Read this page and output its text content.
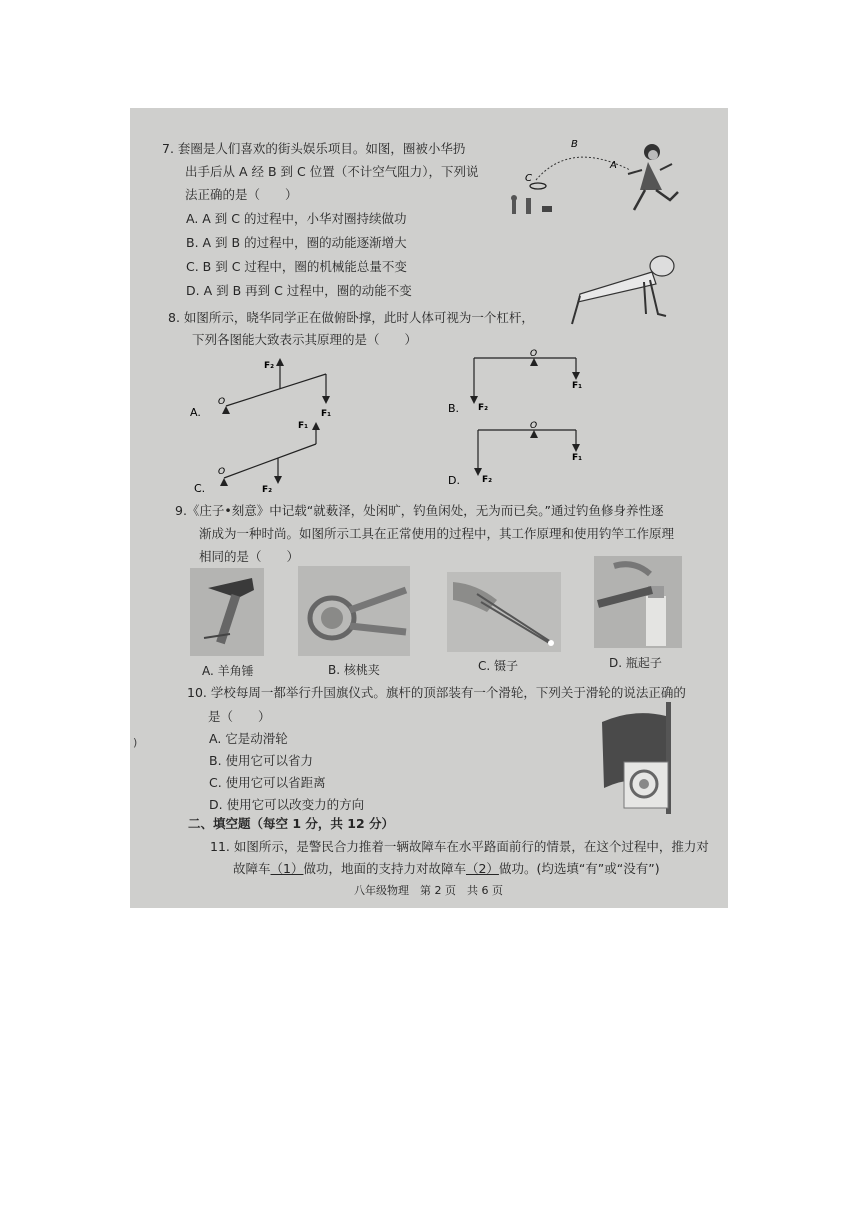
7. 套圈是人们喜欢的街头娱乐项目。如图，圈被小华扔
出手后从 A 经 B 到 C 位置（不计空气阻力），下列说
法正确的是（　　）
A. A 到 C 的过程中，小华对圈持续做功
B. A 到 B 的过程中，圈的动能逐渐增大
C. B 到 C 过程中，圈的机械能总量不变
D. A 到 B 再到 C 过程中，圈的动能不变
B
A
C
8. 如图所示，晓华同学正在做俯卧撑，此时人体可视为一个杠杆，
下列各图能大致表示其原理的是（　　）
A.
O
F₂
F₁	B.
O
F₂
F₁
C.
O
F₁
F₂
D.
O
F₂
F₁
9.《庄子•刻意》中记载“就薮泽，处闲旷，钓鱼闲处，无为而已矣。”通过钓鱼修身养性逐
渐成为一种时尚。如图所示工具在正常使用的过程中，其工作原理和使用钓竿工作原理
相同的是（　　）
A. 羊角锤	B. 核桃夹	C. 镊子	D. 瓶起子
10. 学校每周一都举行升国旗仪式。旗杆的顶部装有一个滑轮，下列关于滑轮的说法正确的
是（　　）
A. 它是动滑轮
B. 使用它可以省力
C. 使用它可以省距离
D. 使用它可以改变力的方向
二、填空题（每空 1 分，共 12 分）
11. 如图所示，是警民合力推着一辆故障车在水平路面前行的情景，在这个过程中，推力对
故障车（1）做功，地面的支持力对故障车（2）做功。(均选填“有”或“没有”)
八年级物理　第 2 页　共 6 页
)
